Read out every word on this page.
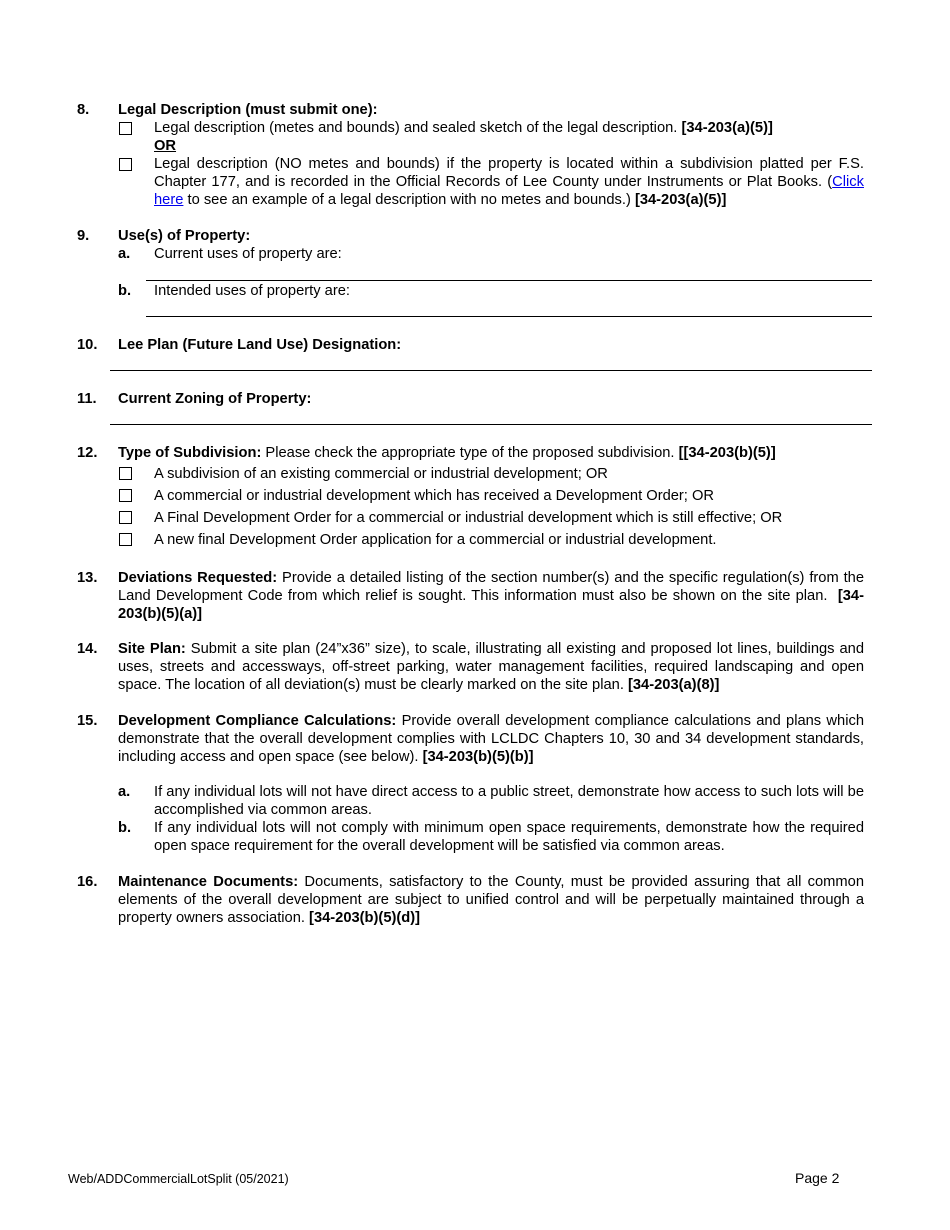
8. Legal Description (must submit one):
Legal description (metes and bounds) and sealed sketch of the legal description. [34-203(a)(5)]
OR
Legal description (NO metes and bounds) if the property is located within a subdivision platted per F.S. Chapter 177, and is recorded in the Official Records of Lee County under Instruments or Plat Books. (Click here to see an example of a legal description with no metes and bounds.) [34-203(a)(5)]
9. Use(s) of Property:
a. Current uses of property are:
b. Intended uses of property are:
10. Lee Plan (Future Land Use) Designation:
11. Current Zoning of Property:
12. Type of Subdivision: Please check the appropriate type of the proposed subdivision. [[34-203(b)(5)]
A subdivision of an existing commercial or industrial development; OR
A commercial or industrial development which has received a Development Order; OR
A Final Development Order for a commercial or industrial development which is still effective; OR
A new final Development Order application for a commercial or industrial development.
13. Deviations Requested: Provide a detailed listing of the section number(s) and the specific regulation(s) from the Land Development Code from which relief is sought. This information must also be shown on the site plan. [34-203(b)(5)(a)]
14. Site Plan: Submit a site plan (24”x36” size), to scale, illustrating all existing and proposed lot lines, buildings and uses, streets and accessways, off-street parking, water management facilities, required landscaping and open space. The location of all deviation(s) must be clearly marked on the site plan. [34-203(a)(8)]
15. Development Compliance Calculations: Provide overall development compliance calculations and plans which demonstrate that the overall development complies with LCLDC Chapters 10, 30 and 34 development standards, including access and open space (see below). [34-203(b)(5)(b)]
a. If any individual lots will not have direct access to a public street, demonstrate how access to such lots will be accomplished via common areas.
b. If any individual lots will not comply with minimum open space requirements, demonstrate how the required open space requirement for the overall development will be satisfied via common areas.
16. Maintenance Documents: Documents, satisfactory to the County, must be provided assuring that all common elements of the overall development are subject to unified control and will be perpetually maintained through a property owners association. [34-203(b)(5)(d)]
Web/ADDCommercialLotSplit (05/2021)	Page 2
